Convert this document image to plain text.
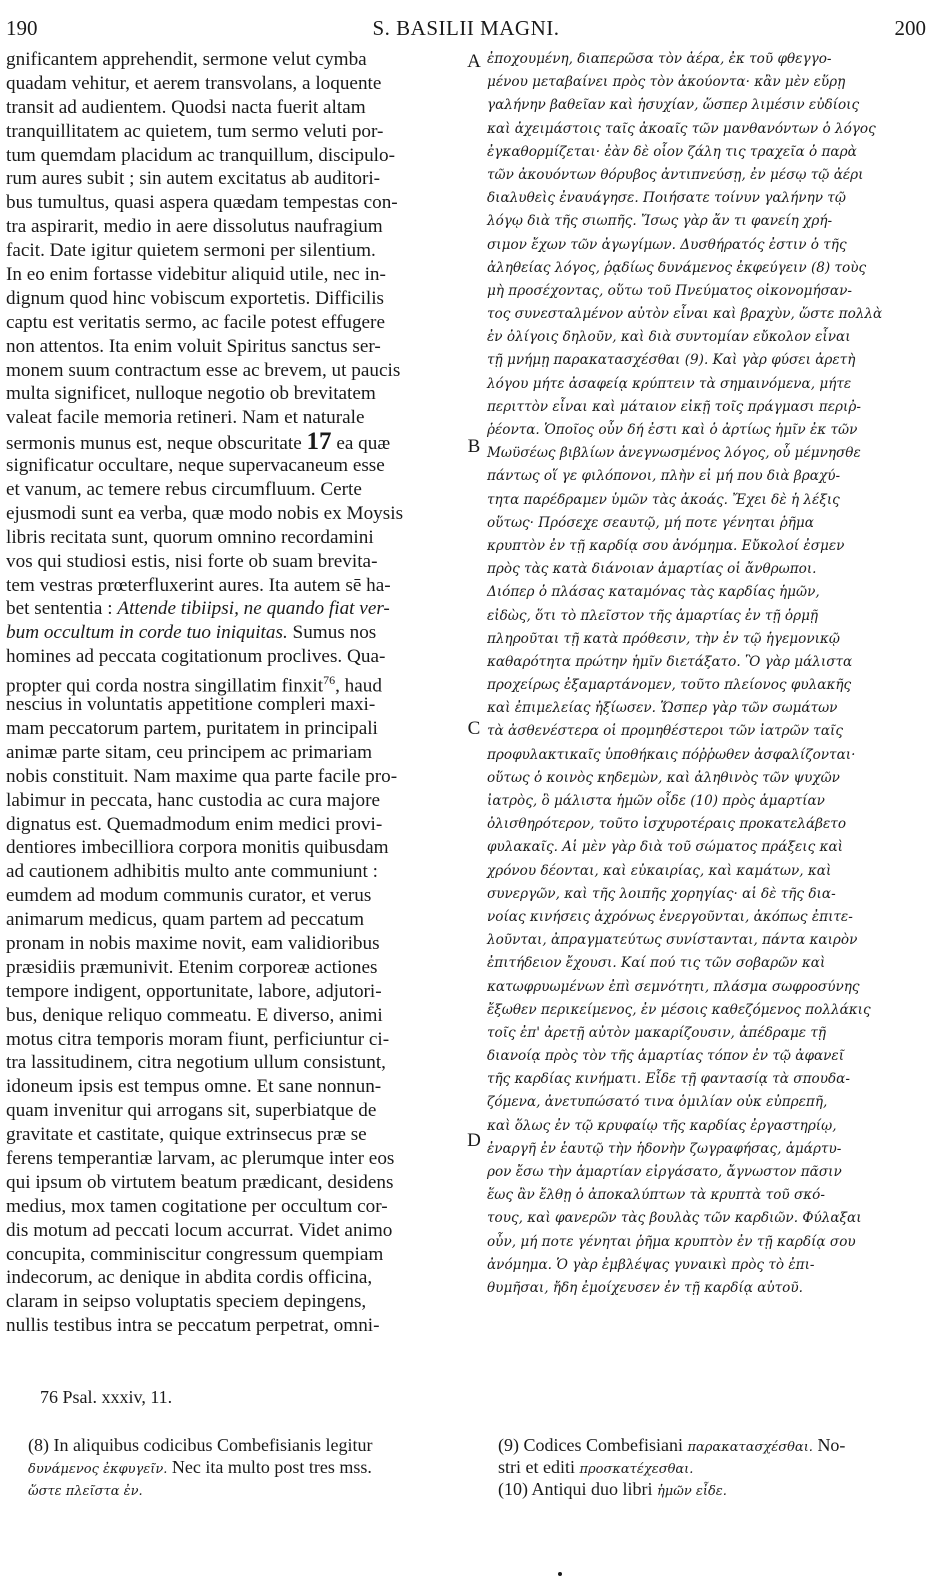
190	S. BASILII MAGNI.	200
gnificantem apprehendit, sermone velut cymba
quadam vehitur, et aerem transvolans, a loquente
transit ad audientem. Quodsi nacta fuerit altam
tranquillitatem ac quietem, tum sermo veluti por-
tum quemdam placidum ac tranquillum, discipulo-
rum aures subit ; sin autem excitatus ab auditori-
bus tumultus, quasi aspera quædam tempestas con-
tra aspirarit, medio in aere dissolutus naufragium
facit. Date igitur quietem sermoni per silentium.
In eo enim fortasse videbitur aliquid utile, nec in-
dignum quod hinc vobiscum exportetis. Difficilis
captu est veritatis sermo, ac facile potest effugere
non attentos. Ita enim voluit Spiritus sanctus ser-
monem suum contractum esse ac brevem, ut paucis
multa significet, nulloque negotio ob brevitatem
valeat facile memoria retineri. Nam et naturale
sermonis munus est, neque obscuritate 17 ea quæ
significatur occultare, neque supervacaneum esse
et vanum, ac temere rebus circumfluum. Certe
ejusmodi sunt ea verba, quæ modo nobis ex Moysis
libris recitata sunt, quorum omnino recordamini
vos qui studiosi estis, nisi forte ob suam brevita-
tem vestras prœterfluxerint aures. Ita autem sē ha-
bet sententia : Attende tibiipsi, ne quando fiat ver-
bum occultum in corde tuo iniquitas. Sumus nos
homines ad peccata cogitationum proclives. Qua-
propter qui corda nostra singillatim finxit$^{76}$, haud
nescius in voluntatis appetitione compleri maxi-
mam peccatorum partem, puritatem in principali
animæ parte sitam, ceu principem ac primariam
nobis constituit. Nam maxime qua parte facile pro-
labimur in peccata, hanc custodia ac cura majore
dignatus est. Quemadmodum enim medici provi-
dentiores imbecilliora corpora monitis quibusdam
ad cautionem adhibitis multo ante communiunt :
eumdem ad modum communis curator, et verus
animarum medicus, quam partem ad peccatum
pronam in nobis maxime novit, eam validioribus
præsidiis præmunivit. Etenim corporeæ actiones
tempore indigent, opportunitate, labore, adjutori-
bus, denique reliquo commeatu. E diverso, animi
motus citra temporis moram fiunt, perficiuntur ci-
tra lassitudinem, citra negotium ullum consistunt,
idoneum ipsis est tempus omne. Et sane nonnun-
quam invenitur qui arrogans sit, superbiatque de
gravitate et castitate, quique extrinsecus præ se
ferens temperantiæ larvam, ac plerumque inter eos
qui ipsum ob virtutem beatum prædicant, desidens
medius, mox tamen cogitatione per occultum cor-
dis motum ad peccati locum accurrat. Videt animo
concupita, comminiscitur congressum quempiam
indecorum, ac denique in abdita cordis officina,
claram in seipso voluptatis speciem depingens,
nullis testibus intra se peccatum perpetrat, omni-
A
B
C
D
ἐποχουμένη, διαπερῶσα τὸν ἀέρα, ἐκ τοῦ φθεγγο-
μένου μεταβαίνει πρὸς τὸν ἀκούοντα· κἂν μὲν εὕρῃ
γαλήνην βαθεῖαν καὶ ἡσυχίαν, ὥσπερ λιμέσιν εὐδίοις
καὶ ἀχειμάστοις ταῖς ἀκοαῖς τῶν μανθανόντων ὁ λόγος
ἐγκαθορμίζεται· ἐὰν δὲ οἷον ζάλη τις τραχεῖα ὁ παρὰ
τῶν ἀκουόντων θόρυβος ἀντιπνεύσῃ, ἐν μέσῳ τῷ ἀέρι
διαλυθεὶς ἐναυάγησε. Ποιήσατε τοίνυν γαλήνην τῷ
λόγῳ διὰ τῆς σιωπῆς. Ἴσως γὰρ ἄν τι φανείη χρή-
σιμον ἔχων τῶν ἀγωγίμων. Δυσθήρατός ἐστιν ὁ τῆς
ἀληθείας λόγος, ῥᾳδίως δυνάμενος ἐκφεύγειν (8) τοὺς
μὴ προσέχοντας, οὕτω τοῦ Πνεύματος οἰκονομήσαν-
τος συνεσταλμένον αὐτὸν εἶναι καὶ βραχὺν, ὥστε πολλὰ
ἐν ὀλίγοις δηλοῦν, καὶ διὰ συντομίαν εὔκολον εἶναι
τῇ μνήμῃ παρακατασχέσθαι (9). Καὶ γὰρ φύσει ἀρετὴ
λόγου μήτε ἀσαφείᾳ κρύπτειν τὰ σημαινόμενα, μήτε
περιττὸν εἶναι καὶ μάταιον εἰκῇ τοῖς πράγμασι περιῤ-
ῥέοντα. Ὁποῖος οὖν δή ἐστι καὶ ὁ ἀρτίως ἡμῖν ἐκ τῶν
Μωϋσέως βιβλίων ἀνεγνωσμένος λόγος, οὗ μέμνησθε
πάντως οἵ γε φιλόπονοι, πλὴν εἰ μή που διὰ βραχύ-
τητα παρέδραμεν ὑμῶν τὰς ἀκοάς. Ἔχει δὲ ἡ λέξις
οὕτως· Πρόσεχε σεαυτῷ, μή ποτε γένηται ῥῆμα
κρυπτὸν ἐν τῇ καρδίᾳ σου ἀνόμημα. Εὔκολοί ἐσμεν
πρὸς τὰς κατὰ διάνοιαν ἁμαρτίας οἱ ἄνθρωποι.
Διόπερ ὁ πλάσας καταμόνας τὰς καρδίας ἡμῶν,
εἰδὼς, ὅτι τὸ πλεῖστον τῆς ἁμαρτίας ἐν τῇ ὁρμῇ
πληροῦται τῇ κατὰ πρόθεσιν, τὴν ἐν τῷ ἡγεμονικῷ
καθαρότητα πρώτην ἡμῖν διετάξατο. Ὃ γὰρ μάλιστα
προχείρως ἐξαμαρτάνομεν, τοῦτο πλείονος φυλακῆς
καὶ ἐπιμελείας ἠξίωσεν. Ὥσπερ γὰρ τῶν σωμάτων
τὰ ἀσθενέστερα οἱ προμηθέστεροι τῶν ἰατρῶν ταῖς
προφυλακτικαῖς ὑποθήκαις πόῤῥωθεν ἀσφαλίζονται·
οὕτως ὁ κοινὸς κηδεμὼν, καὶ ἀληθινὸς τῶν ψυχῶν
ἰατρὸς, ὃ μάλιστα ἡμῶν οἶδε (10) πρὸς ἁμαρτίαν
ὀλισθηρότερον, τοῦτο ἰσχυροτέραις προκατελάβετο
φυλακαῖς. Αἱ μὲν γὰρ διὰ τοῦ σώματος πράξεις καὶ
χρόνου δέονται, καὶ εὐκαιρίας, καὶ καμάτων, καὶ
συνεργῶν, καὶ τῆς λοιπῆς χορηγίας· αἱ δὲ τῆς δια-
νοίας κινήσεις ἀχρόνως ἐνεργοῦνται, ἀκόπως ἐπιτε-
λοῦνται, ἀπραγματεύτως συνίστανται, πάντα καιρὸν
ἐπιτήδειον ἔχουσι. Καί πού τις τῶν σοβαρῶν καὶ
κατωφρυωμένων ἐπὶ σεμνότητι, πλάσμα σωφροσύνης
ἔξωθεν περικείμενος, ἐν μέσοις καθεζόμενος πολλάκις
τοῖς ἐπ' ἀρετῇ αὐτὸν μακαρίζουσιν, ἀπέδραμε τῇ
διανοίᾳ πρὸς τὸν τῆς ἁμαρτίας τόπον ἐν τῷ ἀφανεῖ
τῆς καρδίας κινήματι. Εἶδε τῇ φαντασίᾳ τὰ σπουδα-
ζόμενα, ἀνετυπώσατό τινα ὁμιλίαν οὐκ εὐπρεπῆ,
καὶ ὅλως ἐν τῷ κρυφαίῳ τῆς καρδίας ἐργαστηρίῳ,
ἐναργῆ ἐν ἑαυτῷ τὴν ἡδονὴν ζωγραφήσας, ἀμάρτυ-
ρον ἔσω τὴν ἁμαρτίαν εἰργάσατο, ἄγνωστον πᾶσιν
ἕως ἂν ἔλθῃ ὁ ἀποκαλύπτων τὰ κρυπτὰ τοῦ σκό-
τους, καὶ φανερῶν τὰς βουλὰς τῶν καρδιῶν. Φύλαξαι
οὖν, μή ποτε γένηται ῥῆμα κρυπτὸν ἐν τῇ καρδίᾳ σου
ἀνόμημα. Ὁ γὰρ ἐμβλέψας γυναικὶ πρὸς τὸ ἐπι-
θυμῆσαι, ἤδη ἐμοίχευσεν ἐν τῇ καρδίᾳ αὐτοῦ.
76 Psal. xxxiv, 11.
(8) In aliquibus codicibus Combefisianis legitur
δυνάμενος ἐκφυγεῖν. Nec ita multo post tres mss.
ὥστε πλεῖστα ἐν.
(9) Codices Combefisiani παρακατασχέσθαι. No-
stri et editi προσκατέχεσθαι.
(10) Antiqui duo libri ἡμῶν εἶδε.
